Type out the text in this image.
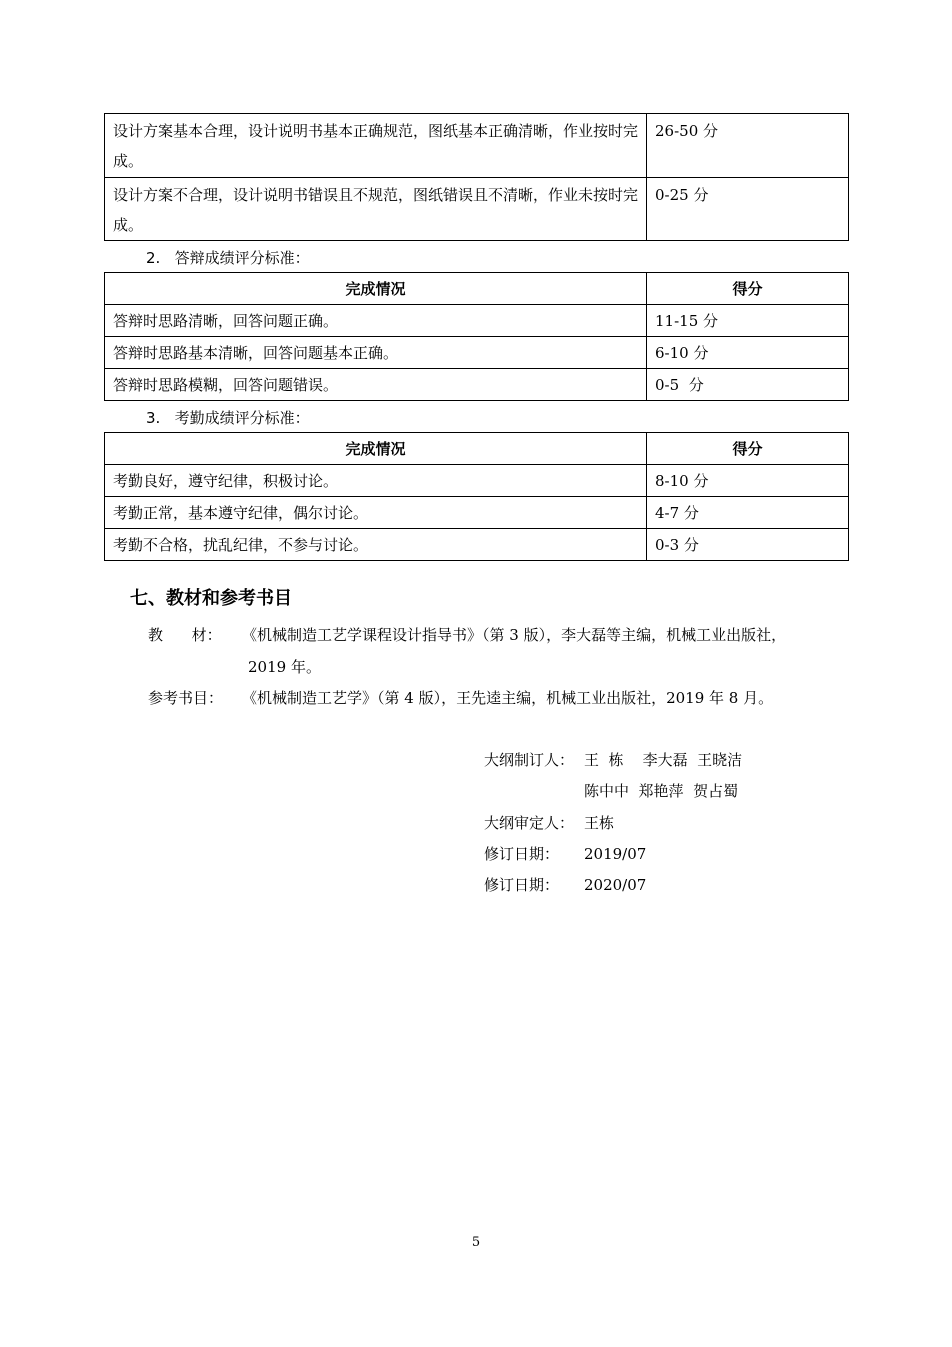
设计方案基本合理，设计说明书基本正确规范，图纸基本正确清晰，作业按时完成。	26-50 分
设计方案不合理，设计说明书错误且不规范，图纸错误且不清晰，作业未按时完成。	0-25 分
2.   答辩成绩评分标准：
完成情况	得分
答辩时思路清晰，回答问题正确。	11-15 分
答辩时思路基本清晰，回答问题基本正确。	6-10 分
答辩时思路模糊，回答问题错误。	0-5  分
3.   考勤成绩评分标准：
完成情况	得分
考勤良好，遵守纪律，积极讨论。	8-10 分
考勤正常，基本遵守纪律，偶尔讨论。	4-7 分
考勤不合格，扰乱纪律，不参与讨论。	0-3 分
七、教材和参考书目
教      材： 《机械制造工艺学课程设计指导书》（第 3 版），李大磊等主编，机械工业出版社，
2019 年。
参考书目： 《机械制造工艺学》（第 4 版），王先逵主编，机械工业出版社，2019 年 8 月。
大纲制订人： 王  栋    李大磊  王晓洁
陈中中  郑艳萍  贺占蜀
大纲审定人： 王栋
修订日期： 2019/07
修订日期： 2020/07
5
